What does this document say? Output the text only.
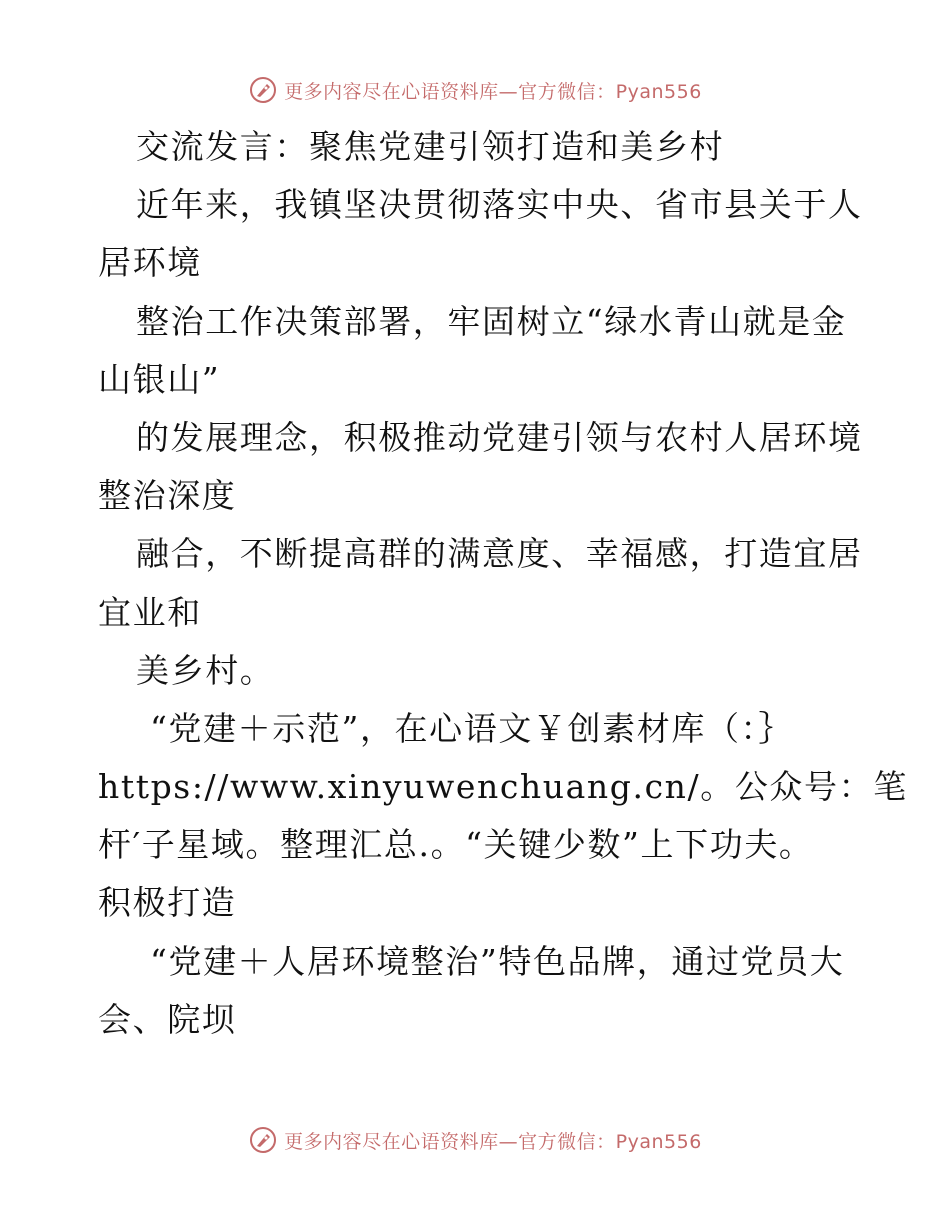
更多内容尽在心语资料库—官方微信：Pyan556
交流发言：聚焦党建引领打造和美乡村
近年来，我镇坚决贯彻落实中央、省市县关于人
居环境
整治工作决策部署，牢固树立“绿水青山就是金
山银山”
的发展理念，积极推动党建引领与农村人居环境
整治深度
融合，不断提高群的满意度、幸福感，打造宜居
宜业和
美乡村。
“党建＋示范”，在心语文￥创素材库（：｝
https://www.xinyuwenchuang.cn/。公众号：笔
杆′子星域。整理汇总.。“关键少数”上下功夫。
积极打造
“党建＋人居环境整治”特色品牌，通过党员大
会、院坝
更多内容尽在心语资料库—官方微信：Pyan556
